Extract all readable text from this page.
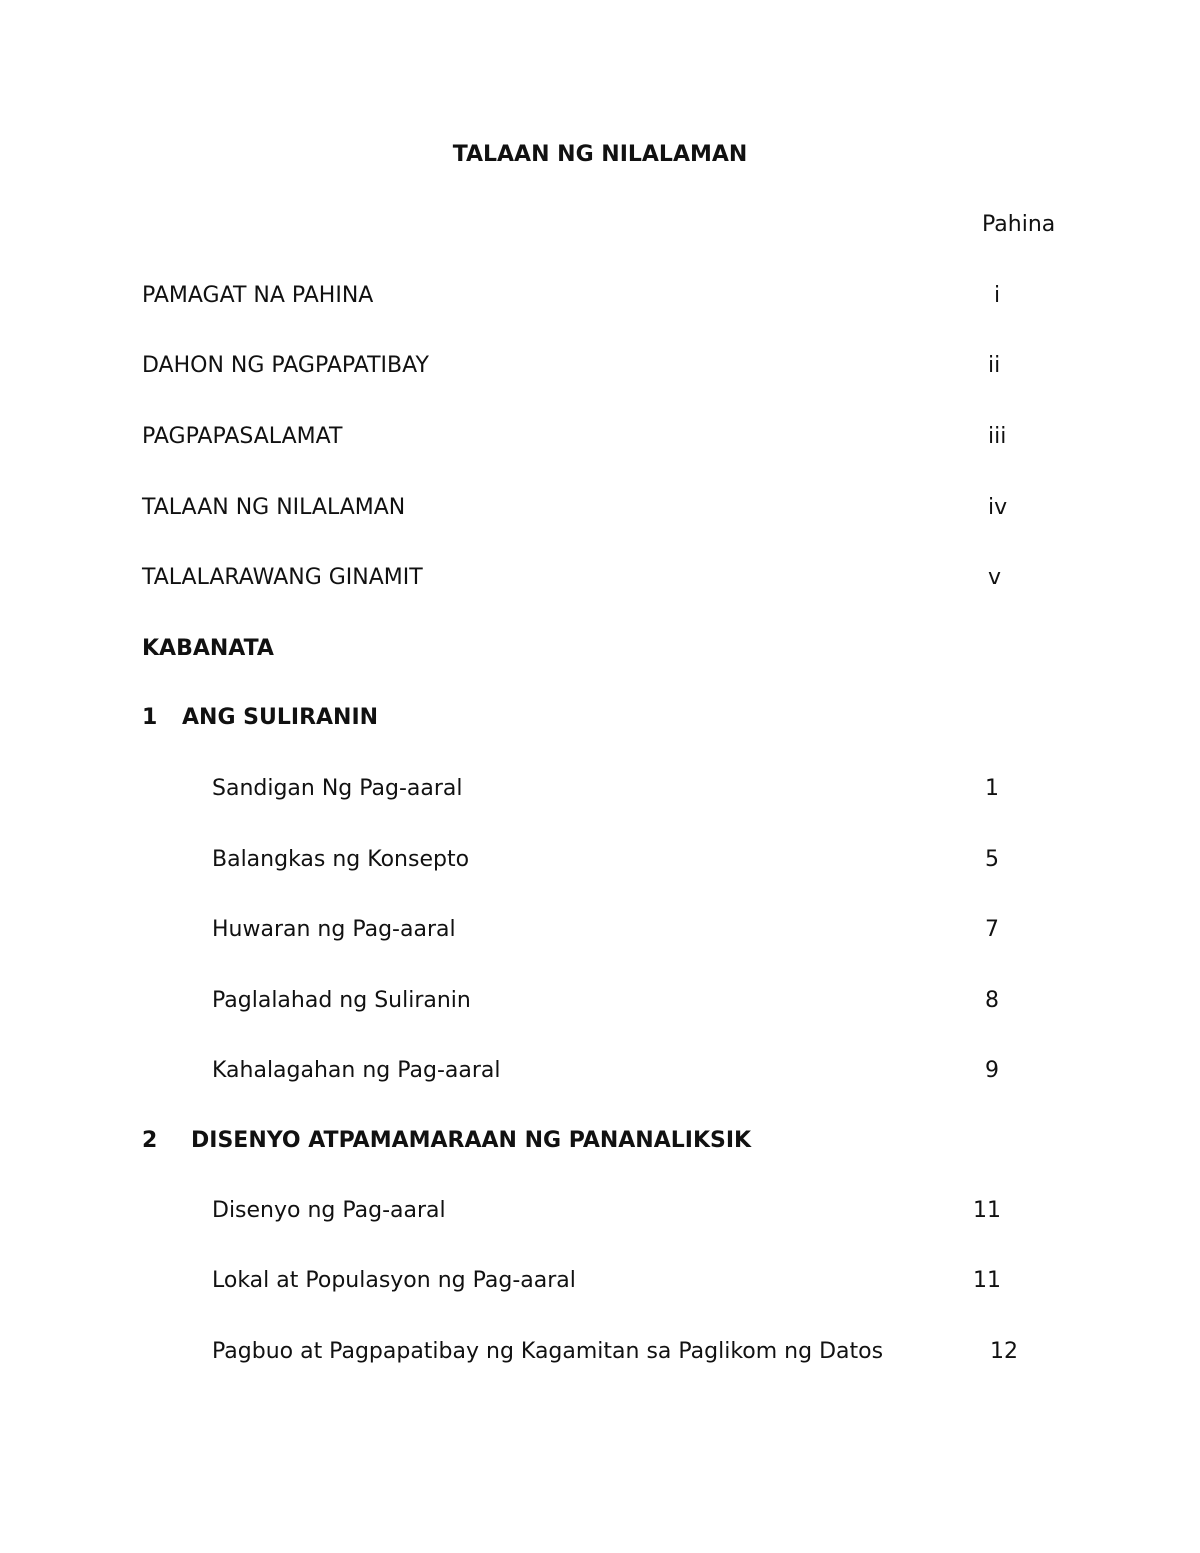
TALAAN NG NILALAMAN
Pahina
PAMAGAT NA PAHINA	i
DAHON NG PAGPAPATIBAY	ii
PAGPAPASALAMAT	iii
TALAAN NG NILALAMAN	iv
TALALARAWANG GINAMIT	v
KABANATA
1 ANG SULIRANIN
Sandigan Ng Pag-aaral	1
Balangkas ng Konsepto	5
Huwaran ng Pag-aaral	7
Paglalahad ng Suliranin	8
Kahalagahan ng Pag-aaral	9
2 DISENYO ATPAMAMARAAN NG PANANALIKSIK
Disenyo ng Pag-aaral	11
Lokal at Populasyon ng Pag-aaral	11
Pagbuo at Pagpapatibay ng Kagamitan sa Paglikom ng Datos	12
